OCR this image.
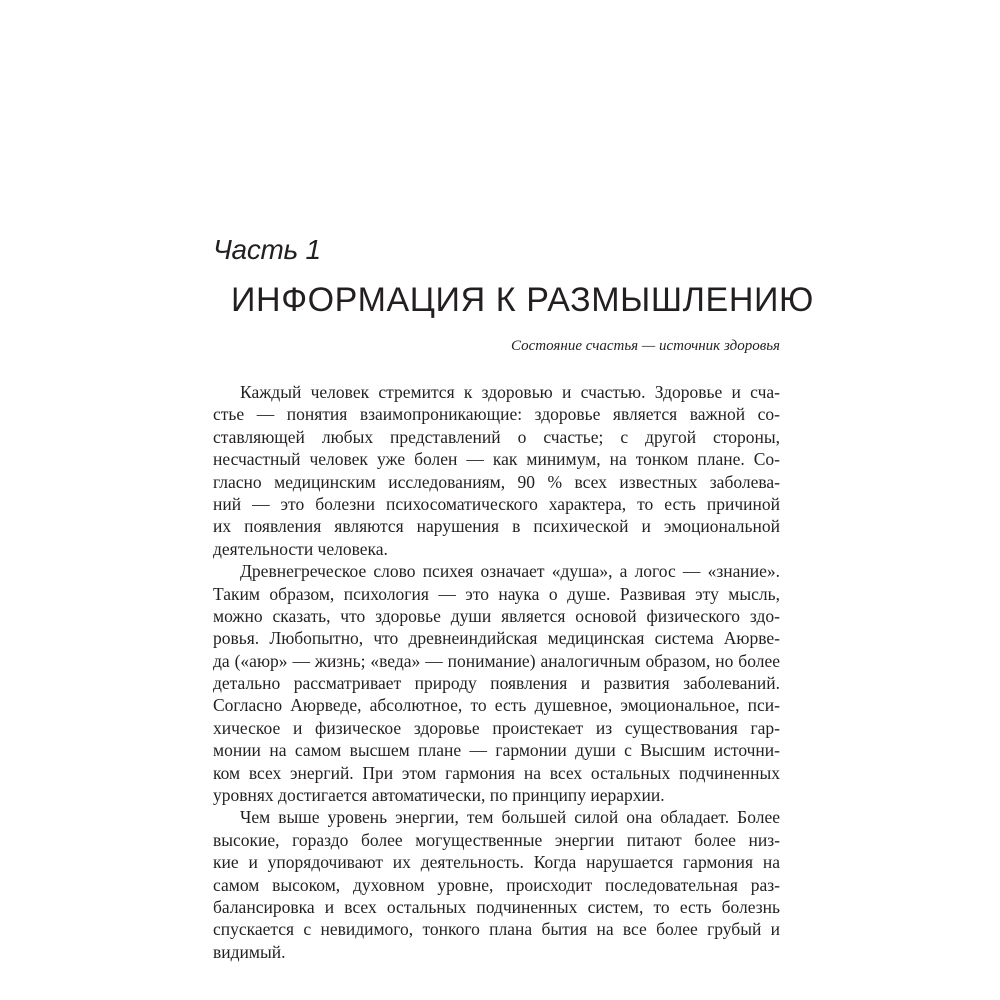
Часть 1
ИНФОРМАЦИЯ К РАЗМЫШЛЕНИЮ
Состояние счастья — источник здоровья
Каждый человек стремится к здоровью и счастью. Здоровье и сча-
стье — понятия взаимопроникающие: здоровье является важной со-
ставляющей любых представлений о счастье; с другой стороны,
несчастный человек уже болен — как минимум, на тонком плане. Со-
гласно медицинским исследованиям, 90 % всех известных заболева-
ний — это болезни психосоматического характера, то есть причиной
их появления являются нарушения в психической и эмоциональной
деятельности человека.
Древнегреческое слово психея означает «душа», а логос — «знание».
Таким образом, психология — это наука о душе. Развивая эту мысль,
можно сказать, что здоровье души является основой физического здо-
ровья. Любопытно, что древнеиндийская медицинская система Аюрве-
да («аюр» — жизнь; «веда» — понимание) аналогичным образом, но более
детально рассматривает природу появления и развития заболеваний.
Согласно Аюрведе, абсолютное, то есть душевное, эмоциональное, пси-
хическое и физическое здоровье проистекает из существования гар-
монии на самом высшем плане — гармонии души с Высшим источни-
ком всех энергий. При этом гармония на всех остальных подчиненных
уровнях достигается автоматически, по принципу иерархии.
Чем выше уровень энергии, тем большей силой она обладает. Более
высокие, гораздо более могущественные энергии питают более низ-
кие и упорядочивают их деятельность. Когда нарушается гармония на
самом высоком, духовном уровне, происходит последовательная раз-
балансировка и всех остальных подчиненных систем, то есть болезнь
спускается с невидимого, тонкого плана бытия на все более грубый и
видимый.
